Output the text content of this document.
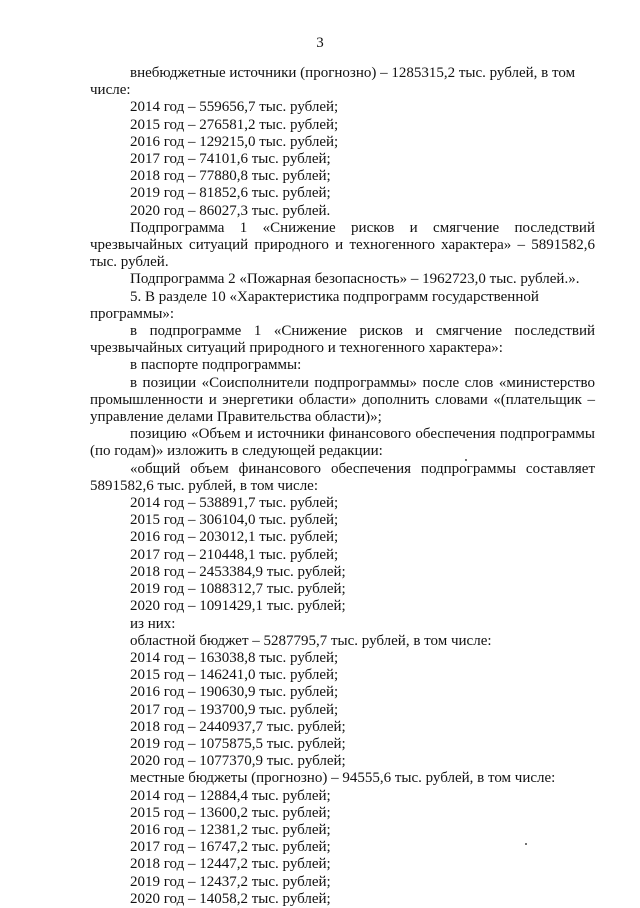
3

внебюджетные источники (прогнозно) – 1285315,2 тыс. рублей, в том числе:

2014 год – 559656,7 тыс. рублей;

2015 год – 276581,2 тыс. рублей;

2016 год – 129215,0 тыс. рублей;

2017 год – 74101,6 тыс. рублей;

2018 год – 77880,8 тыс. рублей;

2019 год – 81852,6 тыс. рублей;

2020 год – 86027,3 тыс. рублей.

Подпрограмма 1 «Снижение рисков и смягчение последствий чрезвычайных ситуаций природного и техногенного характера» – 5891582,6 тыс. рублей.

Подпрограмма 2 «Пожарная безопасность» – 1962723,0 тыс. рублей.».

5. В разделе 10 «Характеристика подпрограмм государственной программы»:

в подпрограмме 1 «Снижение рисков и смягчение последствий чрезвычайных ситуаций природного и техногенного характера»:

в паспорте подпрограммы:

в позиции «Соисполнители подпрограммы» после слов «министерство промышленности и энергетики области» дополнить словами «(плательщик – управление делами Правительства области)»;

позицию «Объем и источники финансового обеспечения подпрограммы (по годам)» изложить в следующей редакции:

«общий объем финансового обеспечения подпрограммы составляет 5891582,6 тыс. рублей, в том числе:

2014 год – 538891,7 тыс. рублей;

2015 год – 306104,0 тыс. рублей;

2016 год – 203012,1 тыс. рублей;

2017 год – 210448,1 тыс. рублей;

2018 год – 2453384,9 тыс. рублей;

2019 год – 1088312,7 тыс. рублей;

2020 год – 1091429,1 тыс. рублей;

из них:

областной бюджет – 5287795,7 тыс. рублей, в том числе:

2014 год – 163038,8 тыс. рублей;

2015 год – 146241,0 тыс. рублей;

2016 год – 190630,9 тыс. рублей;

2017 год – 193700,9 тыс. рублей;

2018 год – 2440937,7 тыс. рублей;

2019 год – 1075875,5 тыс. рублей;

2020 год – 1077370,9 тыс. рублей;

местные бюджеты (прогнозно) – 94555,6 тыс. рублей, в том числе:

2014 год – 12884,4 тыс. рублей;

2015 год – 13600,2 тыс. рублей;

2016 год – 12381,2 тыс. рублей;

2017 год – 16747,2 тыс. рублей;

2018 год – 12447,2 тыс. рублей;

2019 год – 12437,2 тыс. рублей;

2020 год – 14058,2 тыс. рублей;
